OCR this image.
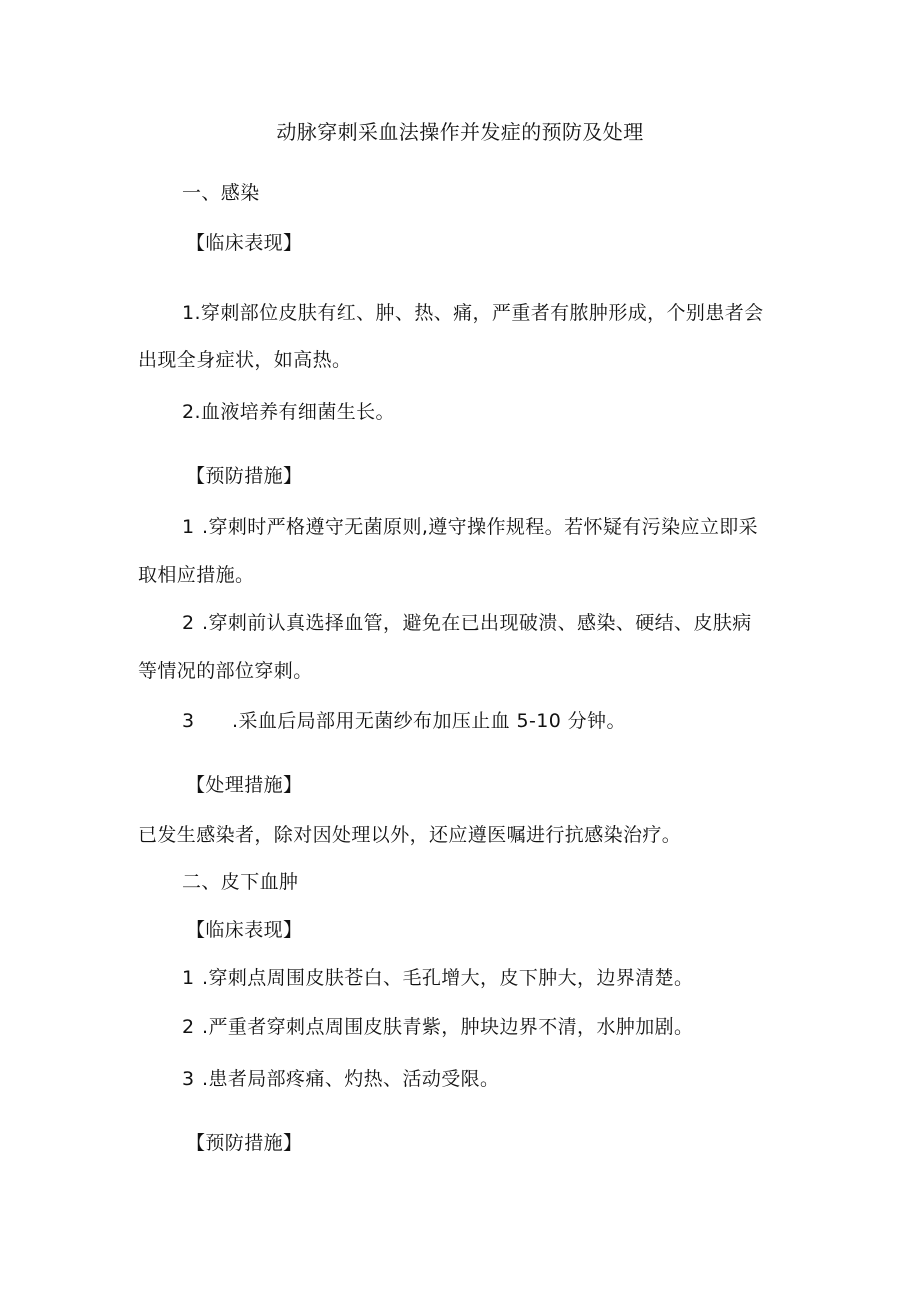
动脉穿刺采血法操作并发症的预防及处理
一、感染
【临床表现】
1.穿刺部位皮肤有红、肿、热、痛，严重者有脓肿形成，个别患者会
出现全身症状，如高热。
2.血液培养有细菌生长。
【预防措施】
1 .穿刺时严格遵守无菌原则,遵守操作规程。若怀疑有污染应立即采
取相应措施。
2 .穿刺前认真选择血管，避免在已出现破溃、感染、硬结、皮肤病
等情况的部位穿刺。
3 .采血后局部用无菌纱布加压止血 5-10 分钟。
【处理措施】
已发生感染者，除对因处理以外，还应遵医嘱进行抗感染治疗。
二、皮下血肿
【临床表现】
1 .穿刺点周围皮肤苍白、毛孔增大，皮下肿大，边界清楚。
2 .严重者穿刺点周围皮肤青紫，肿块边界不清，水肿加剧。
3 .患者局部疼痛、灼热、活动受限。
【预防措施】
